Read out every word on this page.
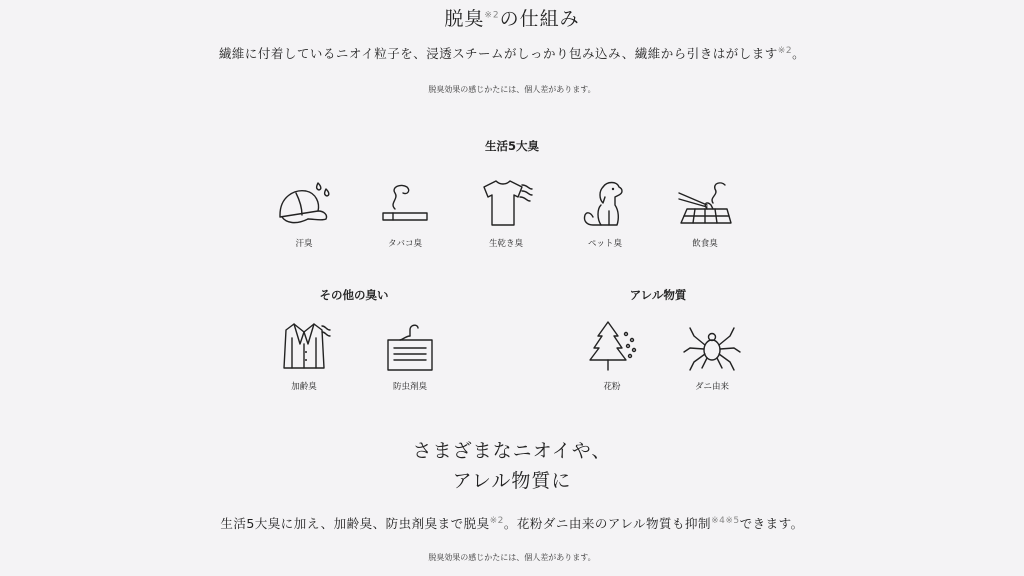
脱臭$^{※2}$の仕組み
繊維に付着しているニオイ粒子を、浸透スチームがしっかり包み込み、繊維から引きはがします$^{※2}$。
脱臭効果の感じかたには、個人差があります。
生活5大臭
汗臭	タバコ臭	生乾き臭	ペット臭	飲食臭
その他の臭い
加齢臭	防虫剤臭
アレル物質
花粉	ダニ由来
さまざまなニオイや、
アレル物質に
生活5大臭に加え、加齢臭、防虫剤臭まで脱臭$^{※2}$。花粉ダニ由来のアレル物質も抑制$^{※4※5}$できます。
脱臭効果の感じかたには、個人差があります。
